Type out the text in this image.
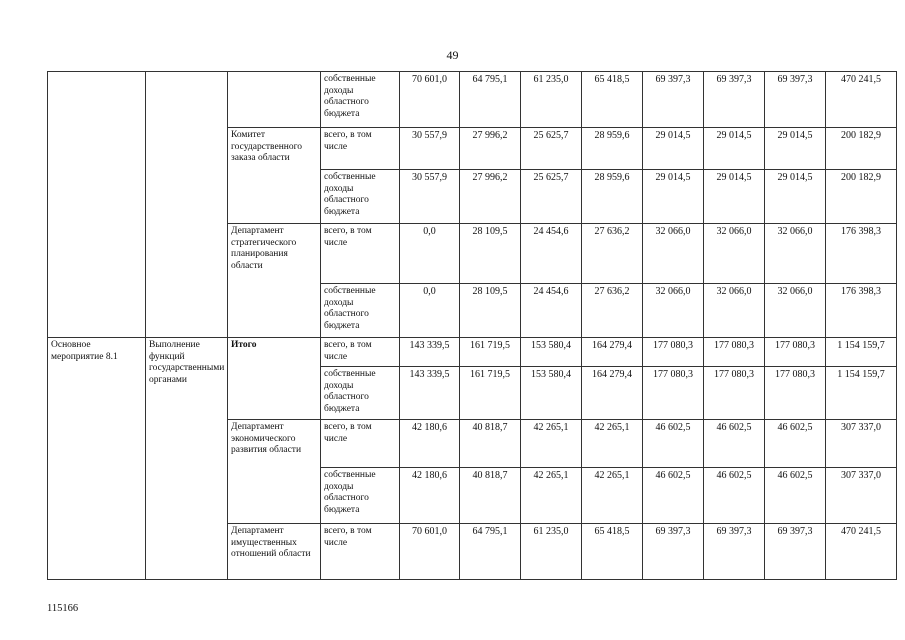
49
			собственные доходы областного бюджета	70 601,0	64 795,1	61 235,0	65 418,5	69 397,3	69 397,3	69 397,3	470 241,5
		Комитет государственного заказа области	всего, в том числе	30 557,9	27 996,2	25 625,7	28 959,6	29 014,5	29 014,5	29 014,5	200 182,9
			собственные доходы областного бюджета	30 557,9	27 996,2	25 625,7	28 959,6	29 014,5	29 014,5	29 014,5	200 182,9
		Департамент стратегического планирования области	всего, в том числе	0,0	28 109,5	24 454,6	27 636,2	32 066,0	32 066,0	32 066,0	176 398,3
			собственные доходы областного бюджета	0,0	28 109,5	24 454,6	27 636,2	32 066,0	32 066,0	32 066,0	176 398,3
Основное мероприятие 8.1	Выполнение функций государственными органами	Итого	всего, в том числе	143 339,5	161 719,5	153 580,4	164 279,4	177 080,3	177 080,3	177 080,3	1 154 159,7
			собственные доходы областного бюджета	143 339,5	161 719,5	153 580,4	164 279,4	177 080,3	177 080,3	177 080,3	1 154 159,7
		Департамент экономического развития области	всего, в том числе	42 180,6	40 818,7	42 265,1	42 265,1	46 602,5	46 602,5	46 602,5	307 337,0
			собственные доходы областного бюджета	42 180,6	40 818,7	42 265,1	42 265,1	46 602,5	46 602,5	46 602,5	307 337,0
		Департамент имущественных отношений области	всего, в том числе	70 601,0	64 795,1	61 235,0	65 418,5	69 397,3	69 397,3	69 397,3	470 241,5
115166
